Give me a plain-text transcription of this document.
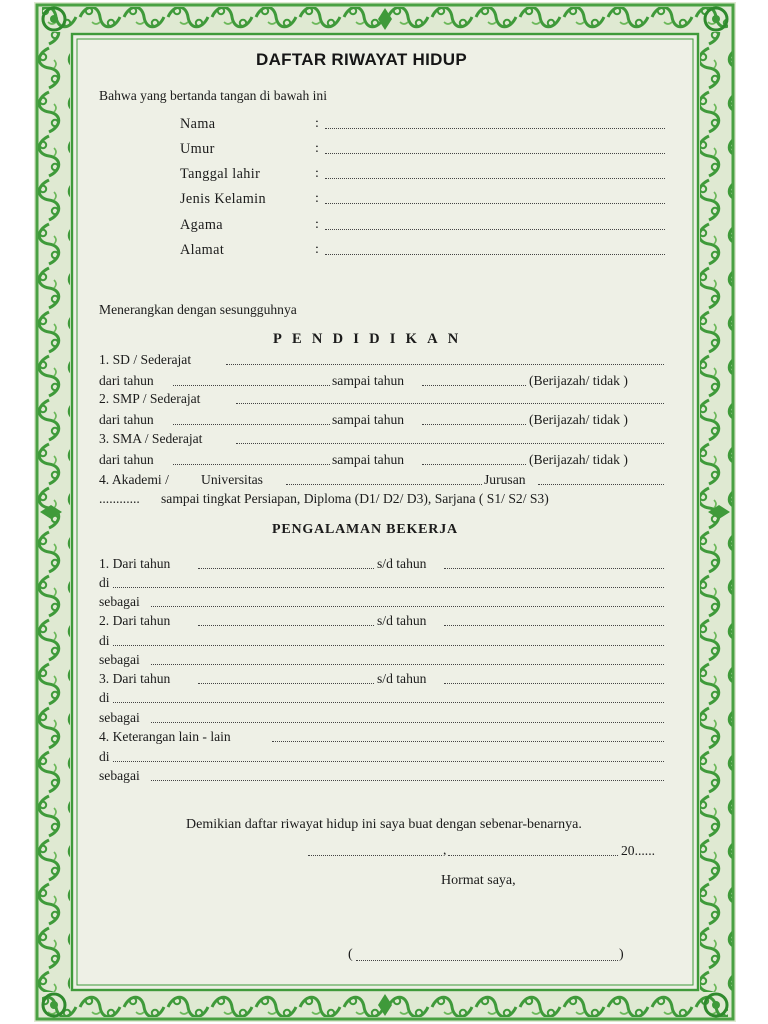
DAFTAR RIWAYAT HIDUP
Bahwa yang bertanda tangan di bawah ini
Nama	:
Umur	:
Tanggal lahir	:
Jenis Kelamin	:
Agama	:
Alamat	:
Menerangkan dengan sesungguhnya
PENDIDIKAN
1. SD / Sederajat
dari tahun	sampai tahun	(Berijazah/ tidak )
2. SMP / Sederajat
dari tahun	sampai tahun	(Berijazah/ tidak )
3. SMA / Sederajat
dari tahun	sampai tahun	(Berijazah/ tidak )
4. Akademi / Universitas	Jurusan
............ sampai tingkat Persiapan, Diploma (D1/ D2/ D3), Sarjana ( S1/ S2/ S3)
PENGALAMAN BEKERJA
1. Dari tahun	s/d tahun
di
sebagai
2. Dari tahun	s/d tahun
di
sebagai
3. Dari tahun	s/d tahun
di
sebagai
4. Keterangan lain - lain
di
sebagai
Demikian daftar riwayat hidup ini saya buat dengan sebenar-benarnya.
,	20......
Hormat saya,
(	)
